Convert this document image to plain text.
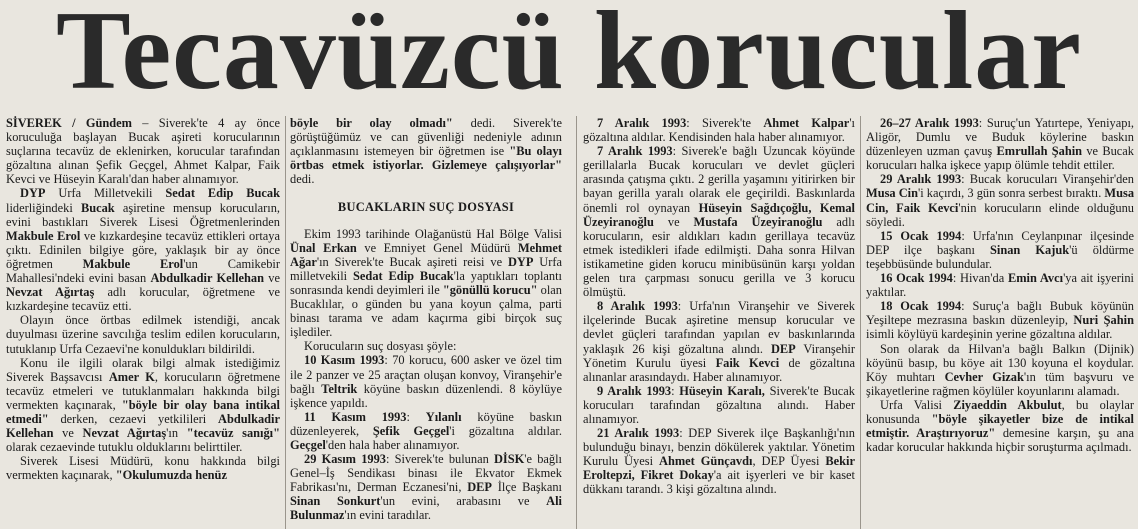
Tecavüzcü korucular

SİVEREK / Gündem – Siverek'te 4 ay önce koruculuğa başlayan Bucak aşireti korucularının suçlarına tecavüz de eklenirken, korucular tarafından gözaltına alınan Şefik Geçgel, Ahmet Kalpar, Faik Kevci ve Hüseyin Karalı'dan haber alınamıyor.

DYP Urfa Milletvekili Sedat Edip Bucak liderliğindeki Bucak aşiretine mensup korucuların, evini bastıkları Siverek Lisesi Öğretmenlerinden Makbule Erol ve kızkardeşine tecavüz ettikleri ortaya çıktı. Edinilen bilgiye göre, yaklaşık bir ay önce öğretmen Makbule Erol'un Camikebir Mahallesi'ndeki evini basan Abdulkadir Kellehan ve Nevzat Ağırtaş adlı korucular, öğretmene ve kızkardeşine tecavüz etti.

Olayın önce örtbas edilmek istendiği, ancak duyulması üzerine savcılığa teslim edilen korucuların, tutuklanıp Urfa Cezaevi'ne konuldukları bildirildi.

Konu ile ilgili olarak bilgi almak istediğimiz Siverek Başsavcısı Amer K, korucuların öğretmene tecavüz etmeleri ve tutuklanmaları hakkında bilgi vermekten kaçınarak, "böyle bir olay bana intikal etmedi" derken, cezaevi yetkilileri Abdulkadir Kellehan ve Nevzat Ağırtaş'ın "tecavüz sanığı" olarak cezaevinde tutuklu olduklarını belirttiler.

Siverek Lisesi Müdürü, konu hakkında bilgi vermekten kaçınarak, "Okulumuzda henüz

böyle bir olay olmadı" dedi. Siverek'te görüştüğümüz ve can güvenliği nedeniyle adının açıklanmasını istemeyen bir öğretmen ise "Bu olayı örtbas etmek istiyorlar. Gizlemeye çalışıyorlar" dedi.

BUCAKLARIN SUÇ DOSYASI

Ekim 1993 tarihinde Olağanüstü Hal Bölge Valisi Ünal Erkan ve Emniyet Genel Müdürü Mehmet Ağar'ın Siverek'te Bucak aşireti reisi ve DYP Urfa milletvekili Sedat Edip Bucak'la yaptıkları toplantı sonrasında kendi deyimleri ile "gönüllü korucu" olan Bucaklılar, o günden bu yana koyun çalma, parti binası tarama ve adam kaçırma gibi birçok suç işlediler.

Korucuların suç dosyası şöyle:

10 Kasım 1993: 70 korucu, 600 asker ve özel tim ile 2 panzer ve 25 araçtan oluşan konvoy, Viranşehir'e bağlı Teltrik köyüne baskın düzenlendi. 8 köylüye işkence yapıldı.

11 Kasım 1993: Yılanlı köyüne baskın düzenleyerek, Şefik Geçgel'i gözaltına aldılar. Geçgel'den hala haber alınamıyor.

29 Kasım 1993: Siverek'te bulunan DİSK'e bağlı Genel–İş Sendikası binası ile Ekvator Ekmek Fabrikası'nı, Derman Eczanesi'ni, DEP İlçe Başkanı Sinan Sonkurt'un evini, arabasını ve Ali Bulunmaz'ın evini taradılar.

7 Aralık 1993: Siverek'te Ahmet Kalpar'ı gözaltına aldılar. Kendisinden hala haber alınamıyor.

7 Aralık 1993: Siverek'e bağlı Uzuncak köyünde gerillalarla Bucak korucuları ve devlet güçleri arasında çatışma çıktı. 2 gerilla yaşamını yitirirken bir bayan gerilla yaralı olarak ele geçirildi. Baskınlarda önemli rol oynayan Hüseyin Sağdıçoğlu, Kemal Üzeyiranoğlu ve Mustafa Üzeyiranoğlu adlı korucuların, esir aldıkları kadın gerillaya tecavüz etmek istedikleri ifade edilmişti. Daha sonra Hilvan istikametine giden korucu minibüsünün karşı yoldan gelen tıra çarpması sonucu gerilla ve 3 korucu ölmüştü.

8 Aralık 1993: Urfa'nın Viranşehir ve Siverek ilçelerinde Bucak aşiretine mensup korucular ve devlet güçleri tarafından yapılan ev baskınlarında yaklaşık 26 kişi gözaltına alındı. DEP Viranşehir Yönetim Kurulu üyesi Faik Kevci de gözaltına alınanlar arasındaydı. Haber alınamıyor.

9 Aralık 1993: Hüseyin Karalı, Siverek'te Bucak korucuları tarafından gözaltına alındı. Haber alınamıyor.

21 Aralık 1993: DEP Siverek ilçe Başkanlığı'nın bulunduğu binayı, benzin dökülerek yaktılar. Yönetim Kurulu Üyesi Ahmet Günçavdı, DEP Üyesi Bekir Eroltерzi, Fikret Dokay'a ait işyerleri ve bir kaset dükkanı tarandı. 3 kişi gözaltına alındı.

26–27 Aralık 1993: Suruç'un Yatırtepe, Yeniyapı, Aligör, Dumlu ve Buduk köylerine baskın düzenleyen uzman çavuş Emrullah Şahin ve Bucak korucuları halka işkece yapıp ölümle tehdit ettiler.

29 Aralık 1993: Bucak korucuları Viranşehir'den Musa Cin'i kaçırdı, 3 gün sonra serbest bıraktı. Musa Cin, Faik Kevci'nin korucuların elinde olduğunu söyledi.

15 Ocak 1994: Urfa'nın Ceylanpınar ilçesinde DEP ilçe başkanı Sinan Kajuk'ü öldürme teşebbüsünde bulundular.

16 Ocak 1994: Hivan'da Emin Avcı'ya ait işyerini yaktılar.

18 Ocak 1994: Suruç'a bağlı Bubuk köyünün Yeşiltepe mezrasına baskın düzenleyip, Nuri Şahin isimli köylüyü kardeşinin yerine gözaltına aldılar.

Son olarak da Hilvan'a bağlı Balkın (Dijnik) köyünü basıp, bu köye ait 130 koyuna el koydular. Köy muhtarı Cevher Gizak'ın tüm başvuru ve şikayetlerine rağmen köylüler koyunlarını alamadı.

Urfa Valisi Ziyaeddin Akbulut, bu olaylar konusunda "böyle şikayetler bize de intikal etmiştir. Araştırıyoruz" demesine karşın, şu ana kadar korucular hakkında hiçbir soruşturma açılmadı.
